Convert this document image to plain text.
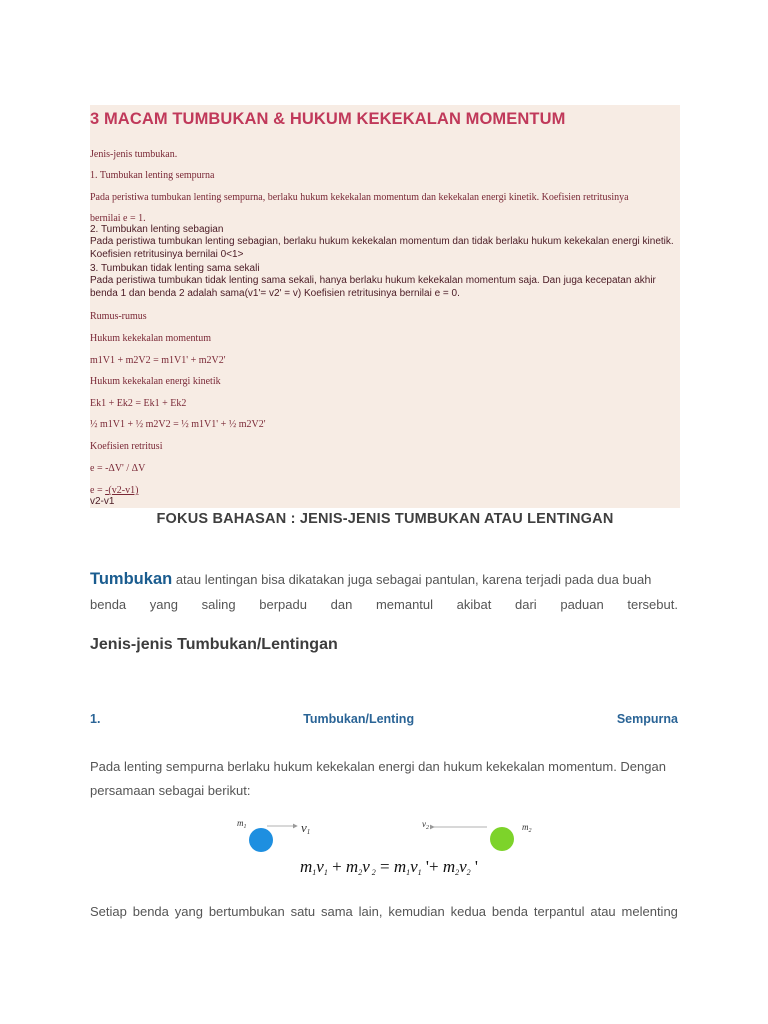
3 MACAM TUMBUKAN & HUKUM KEKEKALAN MOMENTUM
Jenis-jenis tumbukan.
1. Tumbukan lenting sempurna
Pada peristiwa tumbukan lenting sempurna, berlaku hukum kekekalan momentum dan kekekalan energi kinetik. Koefisien retritusinya
bernilai e = 1.
2. Tumbukan lenting sebagian
Pada peristiwa tumbukan lenting sebagian, berlaku hukum kekekalan momentum dan tidak berlaku hukum kekekalan energi kinetik. Koefisien retritusinya bernilai 0<1>
3. Tumbukan tidak lenting sama sekali
Pada peristiwa tumbukan tidak lenting sama sekali, hanya berlaku hukum kekekalan momentum saja. Dan juga kecepatan akhir benda 1 dan benda 2 adalah sama(v1'= v2' = v) Koefisien retritusinya bernilai e = 0.
Rumus-rumus
Hukum kekekalan momentum
m1V1 + m2V2 = m1V1' + m2V2'
Hukum kekekalan energi kinetik
Ek1 + Ek2 = Ek1 + Ek2
½ m1V1 + ½ m2V2 = ½ m1V1' + ½ m2V2'
Koefisien retritusi
e = -ΔV' / ΔV
e = -(v2-v1)
v2-v1
FOKUS BAHASAN : JENIS-JENIS TUMBUKAN ATAU LENTINGAN
Tumbukan atau lentingan bisa dikatakan juga sebagai pantulan, karena terjadi pada dua buah
benda yang saling berpadu dan memantul akibat dari paduan tersebut.
Jenis-jenis Tumbukan/Lentingan
1.	Tumbukan/Lenting	Sempurna
Pada lenting sempurna berlaku hukum kekekalan energi dan hukum kekekalan momentum. Dengan persamaan sebagai berikut:
$m_1$	v1
$v_2$	$m_2$
m1v1 + m2v 2 = m1v1 '+ m2v2 '
Setiap benda yang bertumbukan satu sama lain, kemudian kedua benda terpantul atau melenting
